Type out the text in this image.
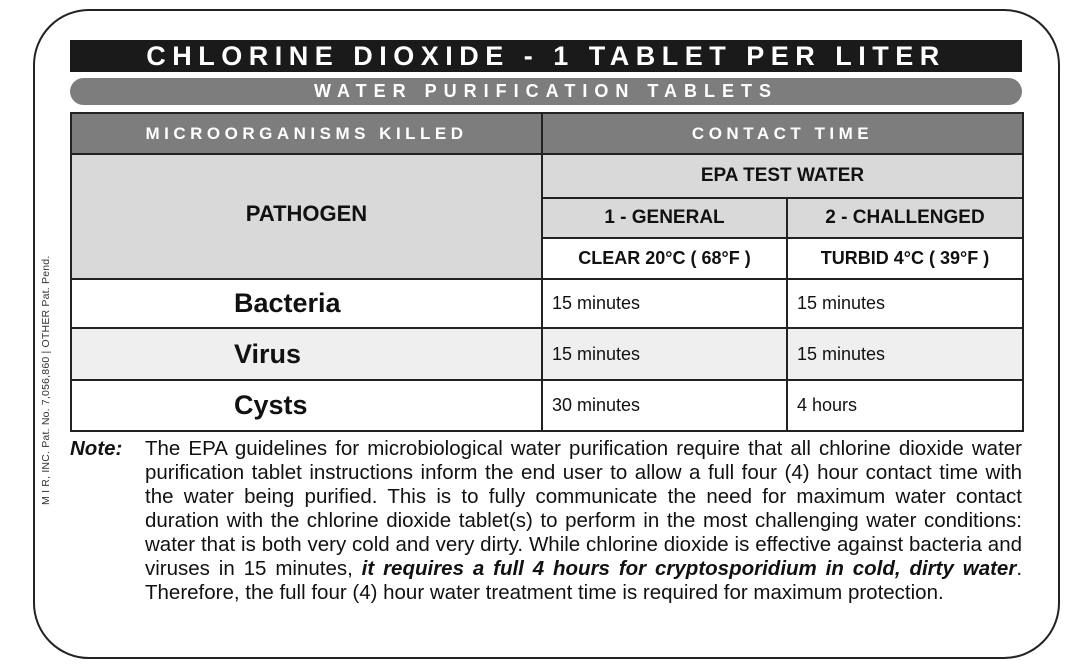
M I R, INC. Pat. No. 7,056,860 | OTHER Pat. Pend.
CHLORINE DIOXIDE - 1 TABLET PER LITER
WATER PURIFICATION TABLETS
MICROORGANISMS KILLED	CONTACT TIME	
PATHOGEN	EPA TEST WATER	
	1 - GENERAL	2 - CHALLENGED
	CLEAR 20°C ( 68°F )	TURBID 4°C ( 39°F )
Bacteria	15 minutes	15 minutes
Virus	15 minutes	15 minutes
Cysts	30 minutes	4 hours
Note: The EPA guidelines for microbiological water purification require that all chlorine dioxide water purification tablet instructions inform the end user to allow a full four (4) hour contact time with the water being purified. This is to fully communicate the need for maximum water contact duration with the chlorine dioxide tablet(s) to perform in the most challenging water conditions: water that is both very cold and very dirty. While chlorine dioxide is effective against bacteria and viruses in 15 minutes, it requires a full 4 hours for cryptosporidium in cold, dirty water. Therefore, the full four (4) hour water treatment time is required for maximum protection.
